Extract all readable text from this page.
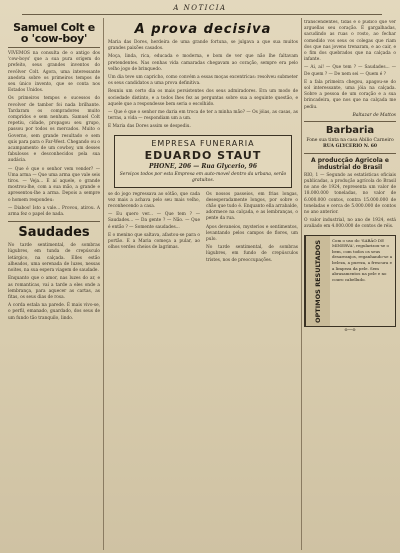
A NOTICIA
Samuel Colt e o 'cow-boy'

VIVEMOS na consulta de o antigo dos 'cow-boys' que a sua pura origem do prefeito, seus grandes inventos do revólver Colt. Agora, uma interessante anedota sobre os primeiros tempos de seu único invento, que se conta nos Estados Unidos.

Os primeiros tempos e sucessos do revolver de tambor foi nada brilhante. Tardaram os compradores muito compridos e sem nenhum. Samuel Colt repetiu, cidade, propagou seu grupo, passou por todos os mercados. Muito o Governo, sem grande resultado e sem quis para para o Far-West. Chegando ou o acampamento de um cowboy, um desses fabulosos e desconhecidos pela sua audácia.

— Que é que o senhor vem vender? — Uma arma — Que uma arma que vale seis tiros. — Veja... E aí aquele, o grande mostrou-lhe, com a sua mão, a grande e apresentou-lhe a arma. Depois a sempre o homem respondeu:

— Diabos! Isto a vale... Provou, atirou. A arma fez o papel de nada.

Saudades

No tarde sentimental, de sombras lúgubres, em tunda de crepúsculo letárgico, na calçada. Elles estão alheados, uma serenada de luzes, nessas noites, na sua espera viagem de saudade.

Enquanto que o amor, nas luzes do ar, e as romanticas, vai a tarde a eles onde a lembrança, para aquecer as cartas, as fitas, os seus dias de rosa.

A corda estala na parede. É mais vivo-se, o perfil, emanado, guardado, dos seus de um fundo tão tranquilo, lindo.

A prova decisiva

Maria das Dores, herdeira de uma grande fortuna, se julgava a que sua muitos grandes paixões casados.

Moça, linda, rica, educada e moderna, e bom de ver que não lhe faltavam pretendentes. Nas cenhas vida camaradas chegavam ao coração, sempre era pelo velho jogo de brinquedo.

Um dia teve um capricho, como convém a essas moças excentricas: resolveu submeter os seus candidatos a uma prova definitiva.

Reuniu um certo dia os mais persistentes dos seus admiradores. Era um modo de sociedade distinto, e a todos lhes fez as perguntas sobre sua a seguinte questão, e aquele que a respondesse bem seria o escolhido.

— Que é que o senhor me daria em troca de ter a minha mão? — Os jóias, as casas, as terras, a vida — respondiam um a um.

E Maria das Dores assim se despediu.

EMPRESA FUNERARIA
EDUARDO STAUT
PHONE, 206 — Rua Glycerio, 96
Serviços todos por esta Empresa em auto-movel dentro da urbana, serão gratuitos.

se do jogo regressava ao sótão, que cada vez mais a achava pelo seu mais velho, reconhecendo a casa.

— Eu quero ver... — Que tem ? — Saudades... — Da gente ? — Não. — Que é então ? — Somente saudades...

E o menino que saltava, afastou-se para o portão. E a Maria começa a pular, ao olhos verdes cheios de lagrimas.

Os nossos passeios, em frias longas, desesperadamente longos, por sobre o chão que tudo é. Enquanto ella arrabalde, adormece na calçada, e as lembranças, o pente da rua.

Apos devaneios, mysterios e sentimentos, levantando pelos campos de flores, um pulo.

No tarde sentimental, de sombras lúgubres, em fundo de crepúsculos tristes, nos de preoccupações.

transcendentes, tidas e o púdico que ver arguellas seu coração. É gargalhadas, sacudindo as ruas o rosto, ao fechar comedido vos seus os colegas que riam dos que nas jovens trenaram, e ao cair, e o fim dos quebrados que na calçada o infante.

— Ai, ai! — Que tem ? — Saudades... — De quem ? — De nem sei — Quem é ?

E a fala primeira chegou, apagou-se do sol interessante, uma jóia na calçada. Sobre a pessoa de um coração e a sua brincadeira, que nos que na calçada me pediu.

Baltazar de Mattos
Barbaria
Fone sua tinta na casa Abilio Carneiro
RUA GLYCERIO N. 60
A producção Agricola e industrial do Brasil

RIO, 1 — Segundo as estatísticas oficiais publicadas, a produção agrícola do Brasil no ano de 1924, representa um valor de 18.000.000 toneladas, no valor de 6.000.000 contos, contra 15.000.000 de toneladas e cerca de 5.000.000 de contos no ano anterior.

O valor industrial, no ano de 1924, está avaliado em 4.000.000 de contos de réis.

OPTIMOS RESULTADOS	Com o uso do 'SABÃO DE MINERVA', regularizou-se o bem, com todos os seus desarranjos, reganhando-se a beleza, a pureza, a frescura e a limpeza da pele. Sem abrasamentos na pele e no couro cabelludo.
o—o
